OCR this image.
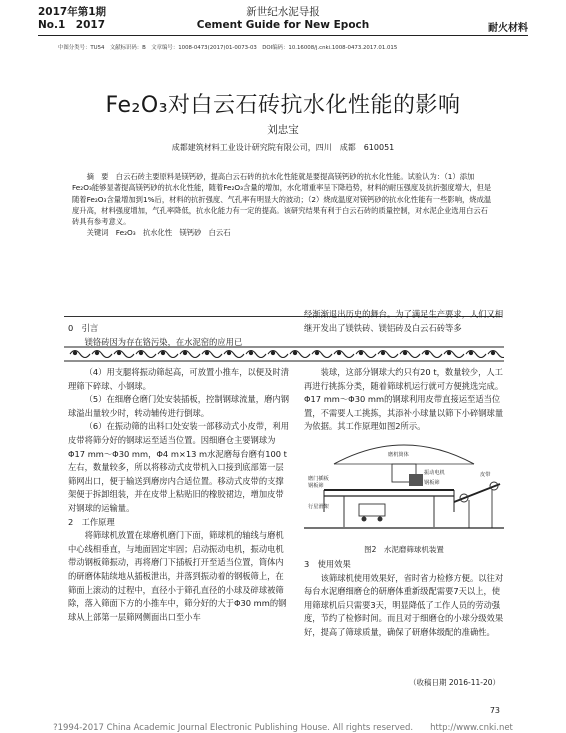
2017年第1期
No.1　2017
新世纪水泥导报
Cement Guide for New Epoch	耐火材料
中图分类号：TU54　文献标识码：B　文章编号：1008-0473(2017)01-0073-03　DOI编码：10.16008/j.cnki.1008-0473.2017.01.015
Fe₂O₃对白云石砖抗水化性能的影响
刘忠宝
成都建筑材料工业设计研究院有限公司，四川　成都　610051

摘　要　白云石砖主要原料是镁钙砂，提高白云石砖的抗水化性能就是要提高镁钙砂的抗水化性能。试验认为：（1）添加Fe₂O₃能够显著提高镁钙砂的抗水化性能，随着Fe₂O₃含量的增加，水化增重率呈下降趋势，材料的耐压强度及抗折强度增大，但是随着Fe₂O₃含量增加到1%后，材料的抗折强度、气孔率有明显大的波动；（2）烧成温度对镁钙砂的抗水化性能有一些影响，烧成温度升高，材料强度增加，气孔率降低，抗水化能力有一定的提高。该研究结果有利于白云石砖的质量控制，对水泥企业选用白云石砖具有参考意义。

关键词　Fe₂O₃　抗水化性　镁钙砂　白云石

0　引言

镁铬砖因为存在铬污染，在水泥窑的应用已

经渐渐退出历史的舞台。为了满足生产要求，人们又相继开发出了镁铁砖、镁铝砖及白云石砖等多

（4）用支腿将振动筛起高，可放置小推车，以便及时清理筛下碎球、小钢球。

（5）在细磨仓磨门处安装插板，控制钢球流量，磨内钢球溢出量较少时，转动辅传进行倒球。

（6）在振动筛的出料口处安装一部移动式小皮带，利用皮带将筛分好的钢球运至适当位置。因细磨仓主要钢球为Φ17 mm～Φ30 mm，Φ4 m×13 m水泥磨每台磨有100 t左右，数量较多，所以将移动式皮带机入口接到底部第一层筛网出口，便于输送到磨房内合适位置。移动式皮带的支撑架便于拆卸组装，并在皮带上粘贴旧的橡胶裙边，增加皮带对钢球的运输量。

2　工作原理

将筛球机放置在球磨机磨门下面，筛球机的轴线与磨机中心线相垂直，与地面固定牢固；启动振动电机，振动电机带动钢板筛振动，再将磨门下插板打开至适当位置，筒体内的研磨体陆续地从插板泄出，并落到振动着的钢板筛上，在筛面上滚动的过程中，直径小于筛孔直径的小球及碎球被筛除，落入筛面下方的小推车中，筛分好的大于Φ30 mm的钢球从上部第一层筛网侧面出口至小车

装球，这部分钢球大约只有20 t，数量较少，人工再进行挑拣分类，随着筛球机运行就可方便挑选完成。Φ17 mm～Φ30 mm的钢球利用皮带直接运至适当位置，不需要人工挑拣，其添补小球量以筛下小碎钢球量为依据。其工作原理如图2所示。

磨门插板
钢板筛
行星滑架
磨机筒体
振动电机
钢板筛
皮带
图2　水泥磨筛球机装置

3　使用效果

该筛球机使用效果好，省时省力检修方便。以往对每台水泥磨细磨仓的研磨体重新级配需要7天以上，使用筛球机后只需要3天，明显降低了工作人员的劳动强度，节约了检修时间。而且对于细磨仓的小球分级效果好，提高了筛球质量，确保了研磨体级配的准确性。

（收稿日期 2016-11-20）
73
?1994-2017 China Academic Journal Electronic Publishing House. All rights reserved.　　http://www.cnki.net
